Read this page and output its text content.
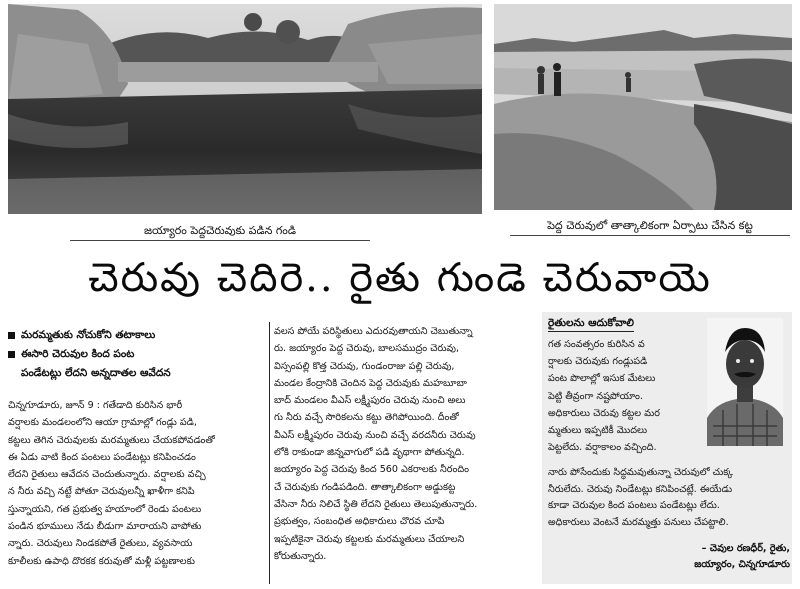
జయ్యారం పెద్దచెరువుకు పడిన గండి	పెద్ద చెరువులో తాత్కాలికంగా ఏర్పాటు చేసిన కట్ట
చెరువు చెదిరె.. రైతు గుండె చెరువాయె
మరమ్మతుకు నోచుకోని తటాకాలు
ఈసారి చెరువుల కింద పంట
పండేటట్లు లేదని అన్నదాతల ఆవేదన

చిన్నగూడూరు, జూన్ 9 : గతేడాది కురిసిన భారీ

వర్షాలకు మండలంలోని ఆయా గ్రామాల్లో గండ్లు పడి,

కట్టలు తెగిన చెరువులకు మరమ్మతులు చేయకపోవడంతో

ఈ ఏడు వాటి కింద పంటలు పండేటట్లు కనిపించడం

లేదని రైతులు ఆవేదన చెందుతున్నారు. వర్షాలకు వచ్చి

న నీరు వచ్చి నట్టే పోతూ చెరువులన్నీ ఖాళీగా కనిపి

స్తున్నాయని, గత ప్రభుత్వ హయాంలో రెండు పంటలు

పండిన భూములు నేడు బీడుగా మారాయని వాపోతు

న్నారు. చెరువులు నిండకపోతే రైతులు, వ్యవసాయ

కూలీలకు ఉపాధి దొరకక కరువుతో మళ్లీ పట్టణాలకు

వలస పోయే పరిస్థితులు ఎదురవుతాయని చెబుతున్నా

రు. జయ్యారం పెద్ద చెరువు, బాలసముద్రం చెరువు,

విస్సంపల్లి కొత్త చెరువు, గుండంరాజు పల్లి చెరువు,

మండల కేంద్రానికి చెందిన పెద్ద చెరువుకు మహబూబా

బాద్ మండలం వీఎస్ లక్ష్మీపురం చెరువు నుంచి అలు

గు నీరు వచ్చే సొరికలను కట్టు తెగిపోయింది. దీంతో

వీఎస్ లక్ష్మీపురం చెరువు నుంచి వచ్చే వరదనీరు చెరువు

లోకి రాకుండా జిన్నవాగులో పడి వృథాగా పోతున్నది.

జయ్యారం పెద్ద చెరువు కింద 560 ఎకరాలకు నీరందిం

చే చెరువుకు గండిపడింది. తాత్కాలికంగా అడ్డుకట్ట

వేసినా నీరు నిలిచే స్థితి లేదని రైతులు తెలుపుతున్నారు.

ప్రభుత్వం, సంబంధిత అధికారులు చొరవ చూపి

ఇప్పటికైనా చెరువు కట్టలకు మరమ్మతులు చేయాలని

కోరుతున్నారు.

రైతులను ఆదుకోవాలి

గత సంవత్సరం కురిసిన వ

ర్షాలకు చెరువుకు గండ్లుపడి

పంట పొలాల్లో ఇసుక మేటలు

పెట్టి తీవ్రంగా నష్టపోయాం.

అధికారులు చెరువు కట్టల మర

మ్మతులు ఇప్పటికీ మొదలు

పెట్టలేదు. వర్షాకాలం వచ్చింది.

నారు పోసేందుకు సిద్ధమవుతున్నా చెరువులో చుక్క

నీరులేదు. చెరువు నిండేటట్లు కనిపించట్లే. ఈయేడు

కూడా చెరువుల కింద పంటలు పండేటట్లు లేదు.

అధికారులు వెంటనే మరమ్మత్తు పనులు చేపట్టాలి.

– చెవుల రణధీర్, రైతు,

జయ్యారం, చిన్నగూడూరు
